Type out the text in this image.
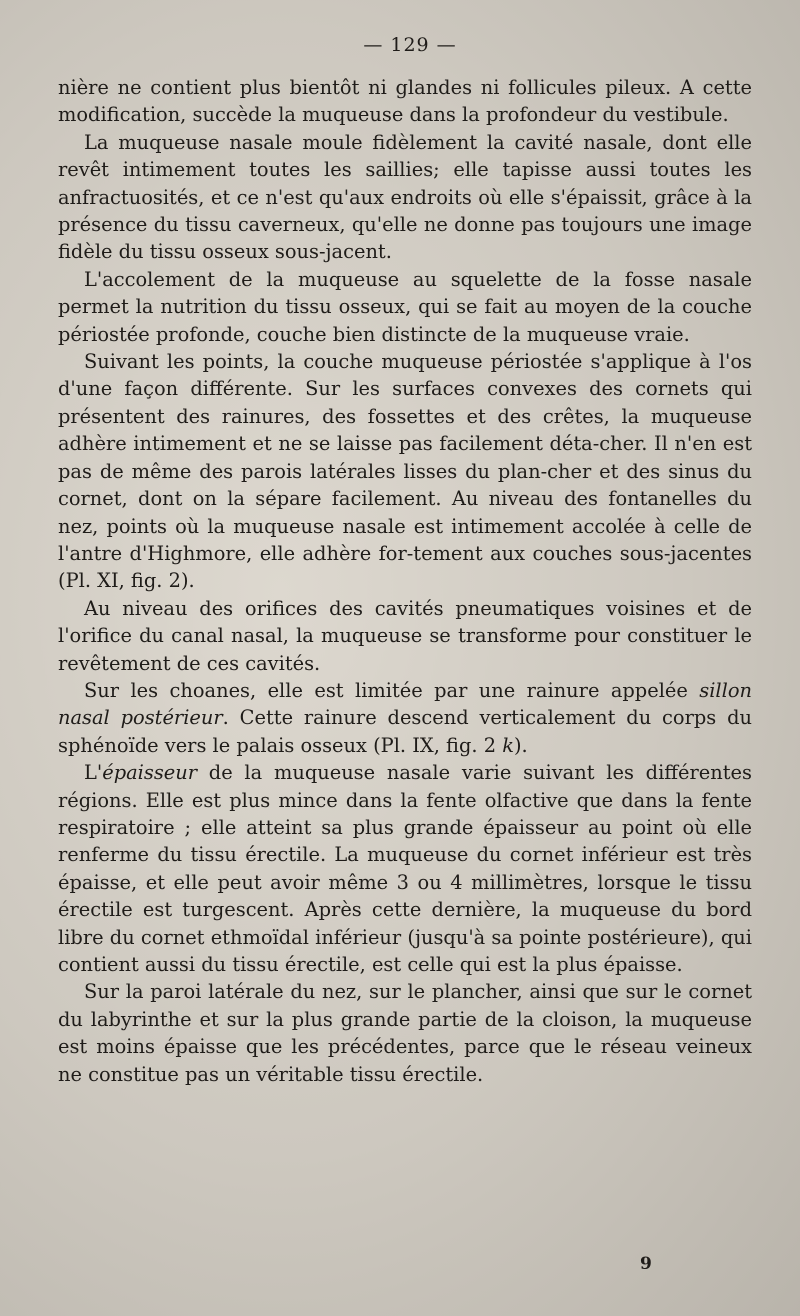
— 129 —

nière ne contient plus bientôt ni glandes ni follicules pileux. A cette modification, succède la muqueuse dans la profondeur du vestibule.

La muqueuse nasale moule fidèlement la cavité nasale, dont elle revêt intimement toutes les saillies; elle tapisse aussi toutes les anfractuosités, et ce n'est qu'aux endroits où elle s'épaissit, grâce à la présence du tissu caverneux, qu'elle ne donne pas toujours une image fidèle du tissu osseux sous-jacent.

L'accolement de la muqueuse au squelette de la fosse nasale permet la nutrition du tissu osseux, qui se fait au moyen de la couche périostée profonde, couche bien distincte de la muqueuse vraie.

Suivant les points, la couche muqueuse périostée s'applique à l'os d'une façon différente. Sur les surfaces convexes des cornets qui présentent des rainures, des fossettes et des crêtes, la muqueuse adhère intimement et ne se laisse pas facilement déta-cher. Il n'en est pas de même des parois latérales lisses du plan-cher et des sinus du cornet, dont on la sépare facilement. Au niveau des fontanelles du nez, points où la muqueuse nasale est intimement accolée à celle de l'antre d'Highmore, elle adhère for-tement aux couches sous-jacentes (Pl. XI, fig. 2).

Au niveau des orifices des cavités pneumatiques voisines et de l'orifice du canal nasal, la muqueuse se transforme pour constituer le revêtement de ces cavités.

Sur les choanes, elle est limitée par une rainure appelée sillon nasal postérieur. Cette rainure descend verticalement du corps du sphénoïde vers le palais osseux (Pl. IX, fig. 2 k).

L'épaisseur de la muqueuse nasale varie suivant les différentes régions. Elle est plus mince dans la fente olfactive que dans la fente respiratoire ; elle atteint sa plus grande épaisseur au point où elle renferme du tissu érectile. La muqueuse du cornet inférieur est très épaisse, et elle peut avoir même 3 ou 4 millimètres, lorsque le tissu érectile est turgescent. Après cette dernière, la muqueuse du bord libre du cornet ethmoïdal inférieur (jusqu'à sa pointe postérieure), qui contient aussi du tissu érectile, est celle qui est la plus épaisse.

Sur la paroi latérale du nez, sur le plancher, ainsi que sur le cornet du labyrinthe et sur la plus grande partie de la cloison, la muqueuse est moins épaisse que les précédentes, parce que le réseau veineux ne constitue pas un véritable tissu érectile.

9
